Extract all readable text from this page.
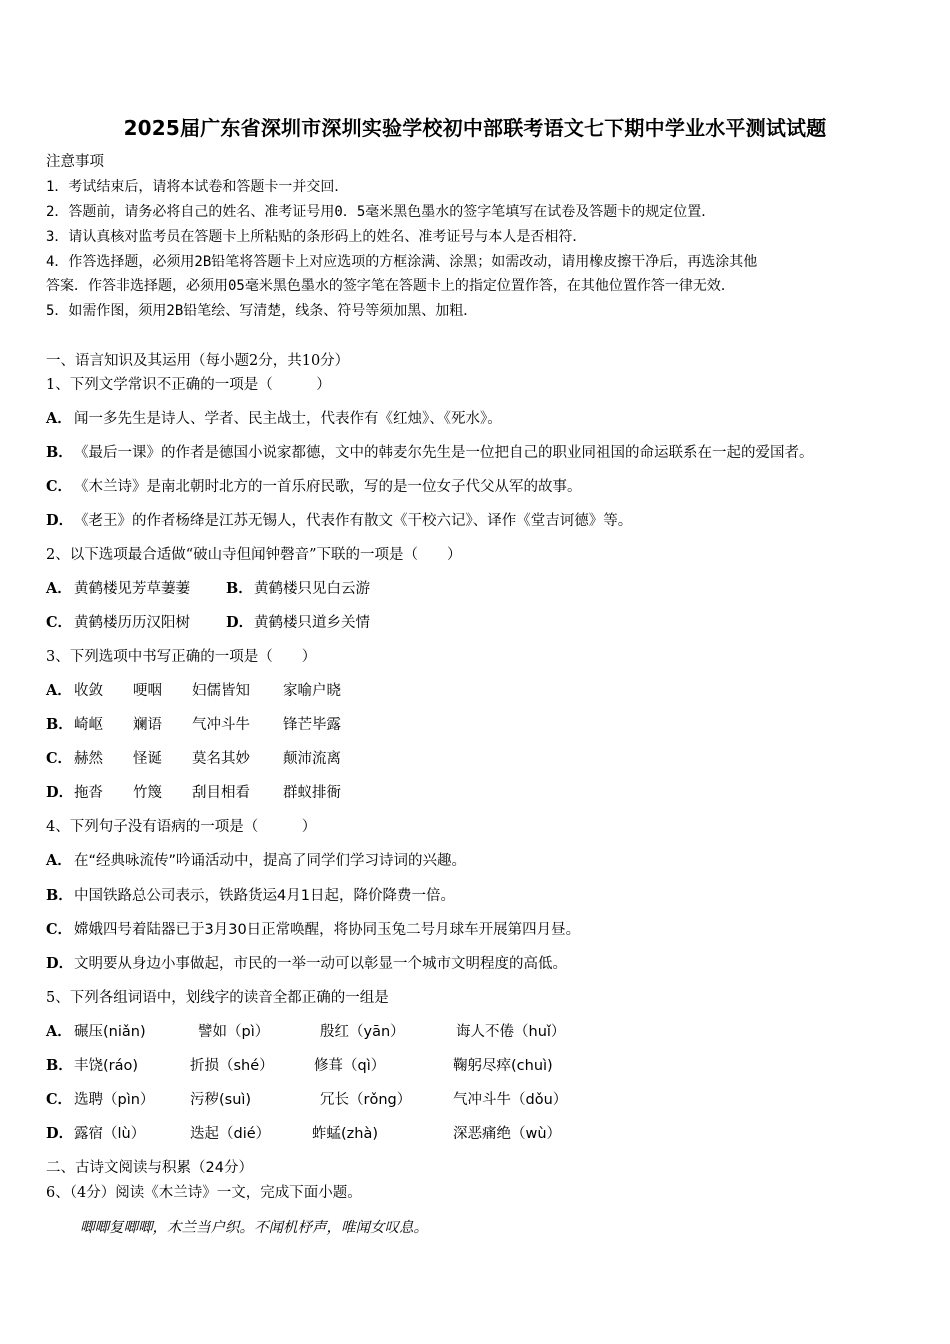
2025届广东省深圳市深圳实验学校初中部联考语文七下期中学业水平测试试题
注意事项
1．考试结束后，请将本试卷和答题卡一并交回．
2．答题前，请务必将自己的姓名、准考证号用0．5毫米黑色墨水的签字笔填写在试卷及答题卡的规定位置．
3．请认真核对监考员在答题卡上所粘贴的条形码上的姓名、准考证号与本人是否相符．
4．作答选择题，必须用2B铅笔将答题卡上对应选项的方框涂满、涂黑；如需改动，请用橡皮擦干净后，再选涂其他
答案．作答非选择题，必须用05毫米黑色墨水的签字笔在答题卡上的指定位置作答，在其他位置作答一律无效．
5．如需作图，须用2B铅笔绘、写清楚，线条、符号等须加黑、加粗．
一、语言知识及其运用（每小题2分，共10分）
1、下列文学常识不正确的一项是（　　　）
A． 闻一多先生是诗人、学者、民主战士，代表作有《红烛》、《死水》。
B．《最后一课》的作者是德国小说家都德，文中的韩麦尔先生是一位把自己的职业同祖国的命运联系在一起的爱国者。
C． 《木兰诗》是南北朝时北方的一首乐府民歌，写的是一位女子代父从军的故事。
D．《老王》的作者杨绛是江苏无锡人，代表作有散文《干校六记》、译作《堂吉诃德》等。
2、以下选项最合适做“破山寺但闻钟磬音”下联的一项是（　　）
A． 黄鹤楼见芳草萋萋 B．黄鹤楼只见白云游
C． 黄鹤楼历历汉阳树 D．黄鹤楼只道乡关情
3、下列选项中书写正确的一项是（　　）
A． 收敛 哽咽 妇儒皆知 家喻户晓
B．崎岖 斓语 气冲斗牛 锋芒毕露
C． 赫然 怪诞 莫名其妙 颠沛流离
D．拖沓 竹篾 刮目相看 群蚁排衙
4、下列句子没有语病的一项是（　　　）
A． 在“经典咏流传”吟诵活动中，提高了同学们学习诗词的兴趣。
B．中国铁路总公司表示，铁路货运4月1日起，降价降费一倍。
C． 嫦娥四号着陆器已于3月30日正常唤醒，将协同玉兔二号月球车开展第四月昼。
D．文明要从身边小事做起，市民的一举一动可以彰显一个城市文明程度的高低。
5、下列各组词语中，划线字的读音全都正确的一组是
A． 碾压(niǎn)	譬如（pì）	殷红（yān）	诲人不倦（huǐ）
B．丰饶(ráo)	折损（shé）	修葺（qì）	鞠躬尽瘁(chuì)
C． 选聘（pìn） 污秽(suì)	冗长（rǒng）	气冲斗牛（dǒu）
D．露宿（lù）	迭起（dié）	蚱蜢(zhà)	深恶痛绝（wù）
二、古诗文阅读与积累（24分）
6、（4分）阅读《木兰诗》一文，完成下面小题。
唧唧复唧唧，木兰当户织。不闻机杼声，唯闻女叹息。
